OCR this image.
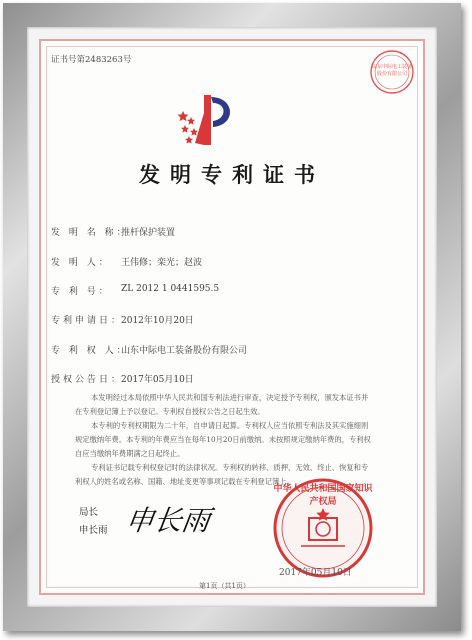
证书号第2483263号
山东中际电工装备
股份有限公司
发明专利证书
发 明 名 称：
推杆保护装置
发 明 人： 王伟修；栾光；赵波
专 利 号： ZL 2012 1 0441595.5
专利申请日：
2012年10月20日
专 利 权 人：
山东中际电工装备股份有限公司
授权公告日：
2017年05月10日
本发明经过本局依照中华人民共和国专利法进行审查，决定授予专利权，颁发本证书并在专利登记簿上予以登记。专利权自授权公告之日起生效。
本专利的专利权期限为二十年，自申请日起算。专利权人应当依照专利法及其实施细则规定缴纳年费。本专利的年费应当在每年10月20日前缴纳。未按照规定缴纳年费的，专利权自应当缴纳年费期满之日起终止。
专利证书记载专利权登记时的法律状况。专利权的转移、质押、无效、终止、恢复和专利权人的姓名或名称、国籍、地址变更等事项记载在专利登记簿上。
中华人民共和国国家知识产权局
2017年05月10日
局长
申长雨 申长雨
第1页（共1页）
